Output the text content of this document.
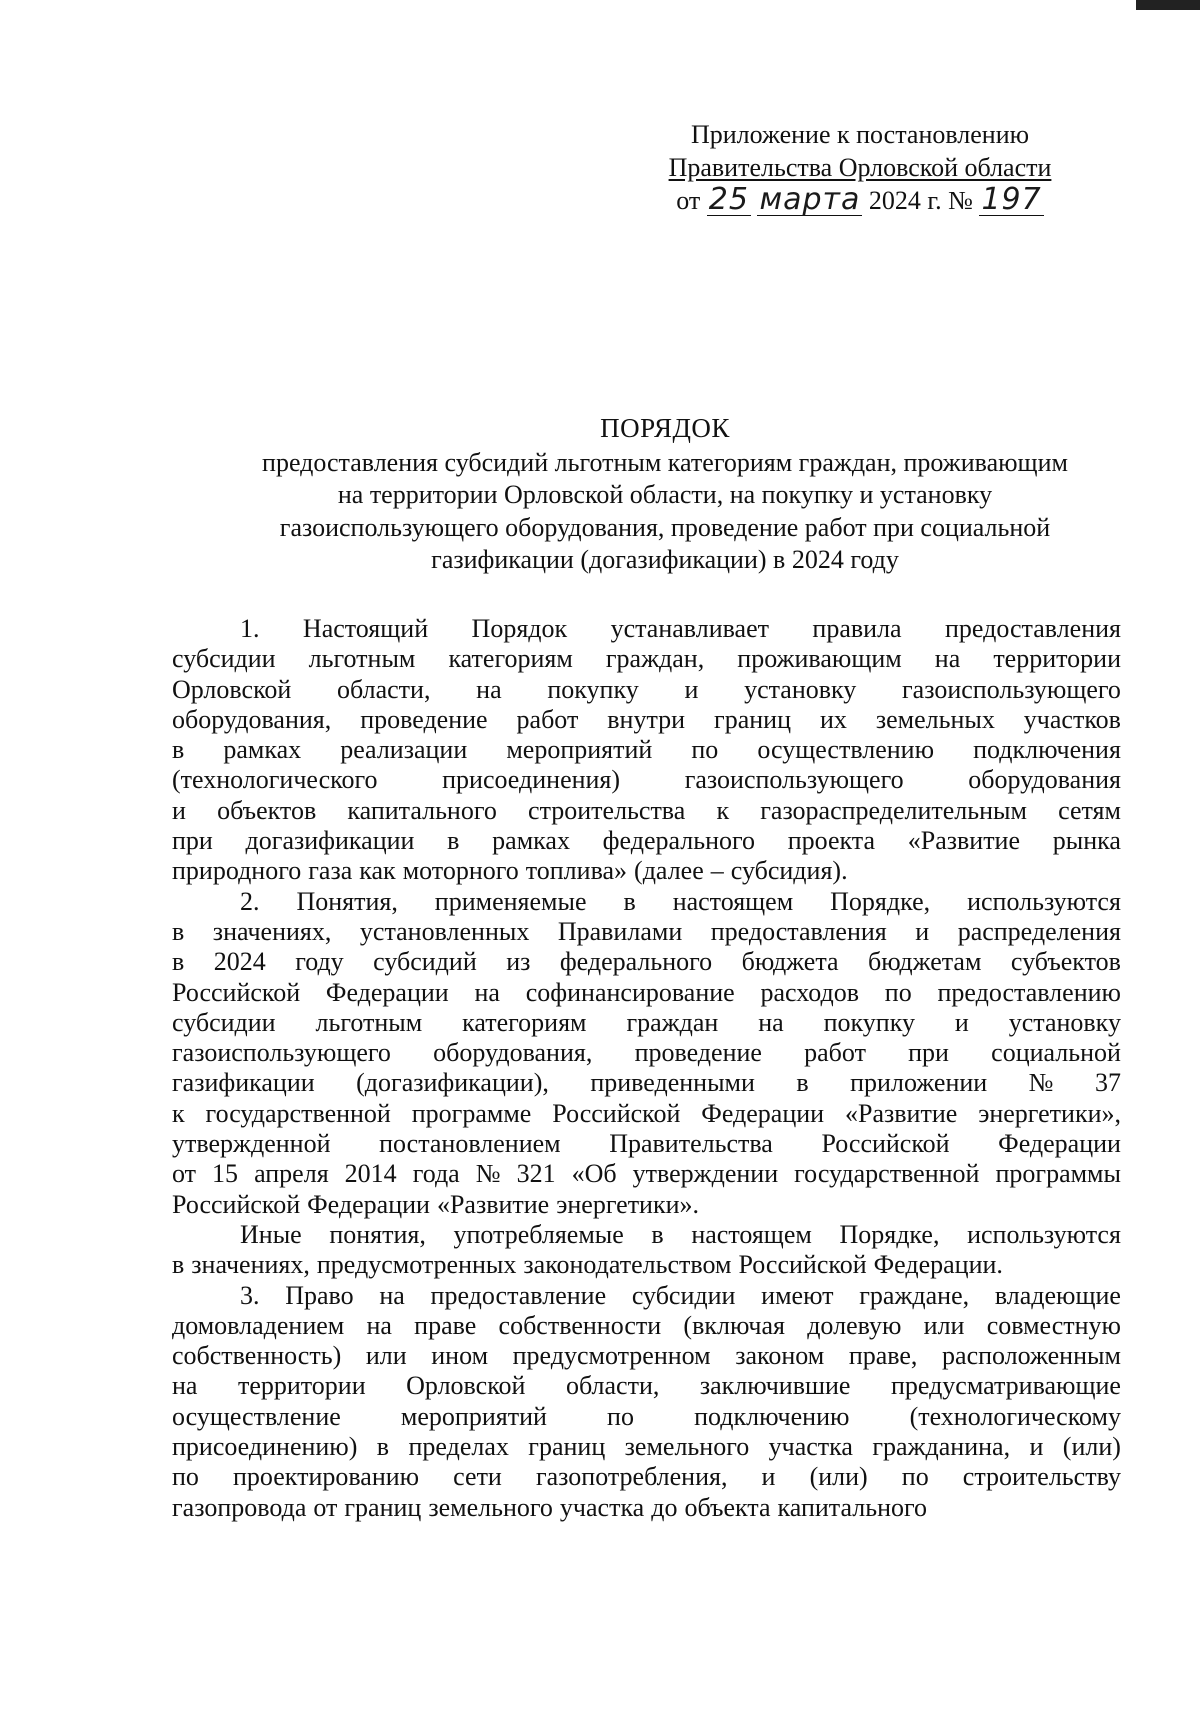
Приложение к постановлению
Правительства Орловской области
от 25 марта 2024 г. № 197
ПОРЯДОК
предоставления субсидий льготным категориям граждан, проживающим
на территории Орловской области, на покупку и установку
газоиспользующего оборудования, проведение работ при социальной
газификации (догазификации) в 2024 году
1. Настоящий Порядок устанавливает правила предоставления
субсидии льготным категориям граждан, проживающим на территории
Орловской области, на покупку и установку газоиспользующего
оборудования, проведение работ внутри границ их земельных участков
в рамках реализации мероприятий по осуществлению подключения
(технологического присоединения) газоиспользующего оборудования
и объектов капитального строительства к газораспределительным сетям
при догазификации в рамках федерального проекта «Развитие рынка
природного газа как моторного топлива» (далее – субсидия).
2. Понятия, применяемые в настоящем Порядке, используются
в значениях, установленных Правилами предоставления и распределения
в 2024 году субсидий из федерального бюджета бюджетам субъектов
Российской Федерации на софинансирование расходов по предоставлению
субсидии льготным категориям граждан на покупку и установку
газоиспользующего оборудования, проведение работ при социальной
газификации (догазификации), приведенными в приложении № 37
к государственной программе Российской Федерации «Развитие энергетики»,
утвержденной постановлением Правительства Российской Федерации
от 15 апреля 2014 года № 321 «Об утверждении государственной программы
Российской Федерации «Развитие энергетики».
Иные понятия, употребляемые в настоящем Порядке, используются
в значениях, предусмотренных законодательством Российской Федерации.
3. Право на предоставление субсидии имеют граждане, владеющие
домовладением на праве собственности (включая долевую или совместную
собственность) или ином предусмотренном законом праве, расположенным
на территории Орловской области, заключившие предусматривающие
осуществление мероприятий по подключению (технологическому
присоединению) в пределах границ земельного участка гражданина, и (или)
по проектированию сети газопотребления, и (или) по строительству
газопровода от границ земельного участка до объекта капитального
